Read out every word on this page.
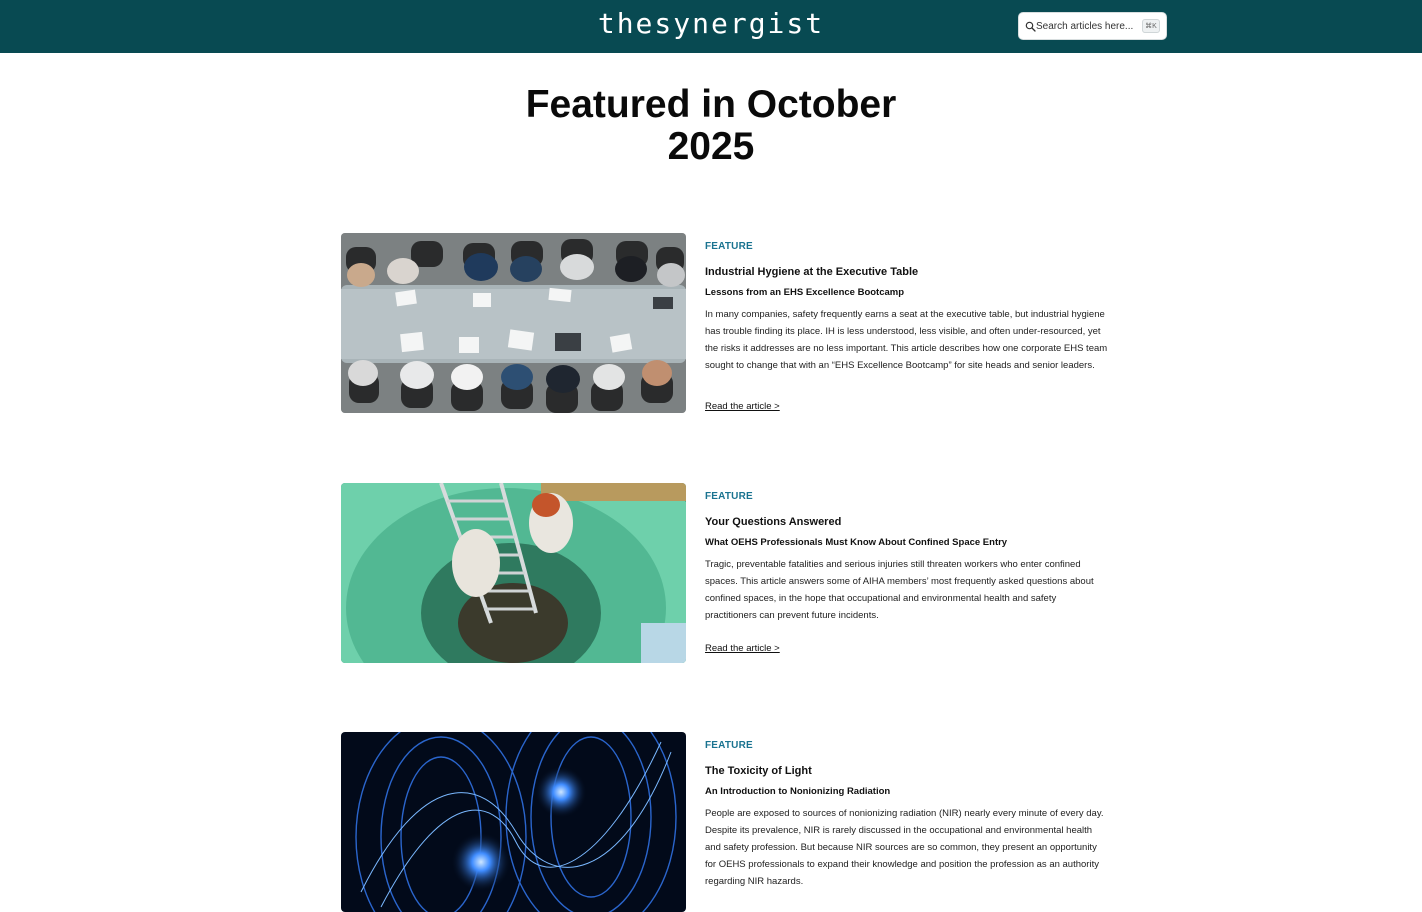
thesynergist
Search articles here...	⌘K
Featured in October
2025
FEATURE
Industrial Hygiene at the Executive Table
Lessons from an EHS Excellence Bootcamp

In many companies, safety frequently earns a seat at the executive table, but industrial hygiene has trouble finding its place. IH is less understood, less visible, and often under-resourced, yet the risks it addresses are no less important. This article describes how one corporate EHS team sought to change that with an “EHS Excellence Bootcamp” for site heads and senior leaders.

Read the article >
FEATURE
Your Questions Answered
What OEHS Professionals Must Know About Confined Space Entry

Tragic, preventable fatalities and serious injuries still threaten workers who enter confined spaces. This article answers some of AIHA members’ most frequently asked questions about confined spaces, in the hope that occupational and environmental health and safety practitioners can prevent future incidents.

Read the article >
FEATURE
The Toxicity of Light
An Introduction to Nonionizing Radiation

People are exposed to sources of nonionizing radiation (NIR) nearly every minute of every day. Despite its prevalence, NIR is rarely discussed in the occupational and environmental health and safety profession. But because NIR sources are so common, they present an opportunity for OEHS professionals to expand their knowledge and position the profession as an authority regarding NIR hazards.
